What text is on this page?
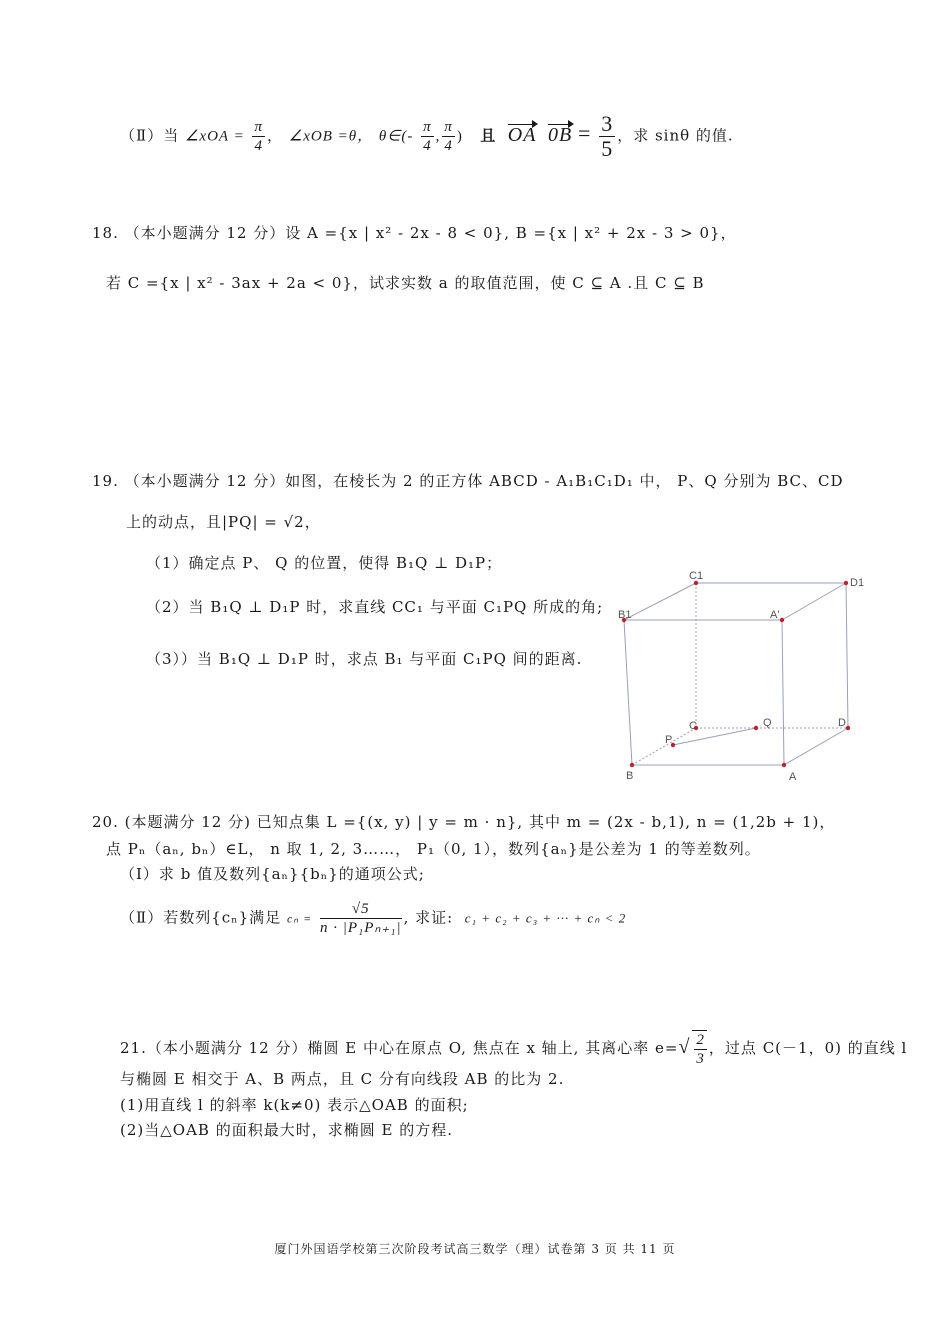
（Ⅱ）当 ∠xOA = $\frac{\pi}{4}$ ， ∠xOB =θ， θ∈(- $\frac{\pi}{4}$ , $\frac{\pi}{4}$ ) 且 OA $0B = \frac{3}{5}$ ，求 sinθ 的值.
18. （本小题满分 12 分）设 A ={x | x² - 2x - 8 < 0}, B ={x | x² + 2x - 3 > 0}，
若 C ={x | x² - 3ax + 2a < 0}，试求实数 a 的取值范围，使 C ⊆ A .且 C ⊆ B
19. （本小题满分 12 分）如图，在棱长为 2 的正方体 ABCD - A₁B₁C₁D₁ 中， P、Q 分别为 BC、CD
上的动点，且|PQ| = √2，
（1）确定点 P、 Q 的位置，使得 B₁Q ⊥ D₁P；
（2）当 B₁Q ⊥ D₁P 时，求直线 CC₁ 与平面 C₁PQ 所成的角;
（3））当 B₁Q ⊥ D₁P 时，求点 B₁ 与平面 C₁PQ 间的距离.
C1
D1
B1	A'
C	Q	D
P
B	A
20. (本题满分 12 分) 已知点集 L ={(x, y) | y = m · n}, 其中 m = (2x - b,1), n = (1,2b + 1)，
点 Pₙ（aₙ, bₙ）∈L， n 取 1, 2, 3……， P₁（0, 1），数列{aₙ}是公差为 1 的等差数列。
（Ⅰ）求 b 值及数列{aₙ}{bₙ}的通项公式;
（Ⅱ）若数列{cₙ}满足 $c_n = \frac{√5}{\text{n · |P₁Pₙ₊₁|}}$ , 求证: c₁ + c₂ + c₃ + ··· + cₙ < 2
21.（本小题满分 12 分）椭圆 E 中心在原点 O, 焦点在 x 轴上, 其离心率 $e=√ \frac{2}{3}$ ，过点 C(－1，0) 的直线 l
与椭圆 E 相交于 A、B 两点，且 C 分有向线段 AB 的比为 2.
(1)用直线 l 的斜率 k(k≠0) 表示△OAB 的面积;
(2)当△OAB 的面积最大时，求椭圆 E 的方程.
厦门外国语学校第三次阶段考试高三数学（理）试卷第 3 页 共 11 页
